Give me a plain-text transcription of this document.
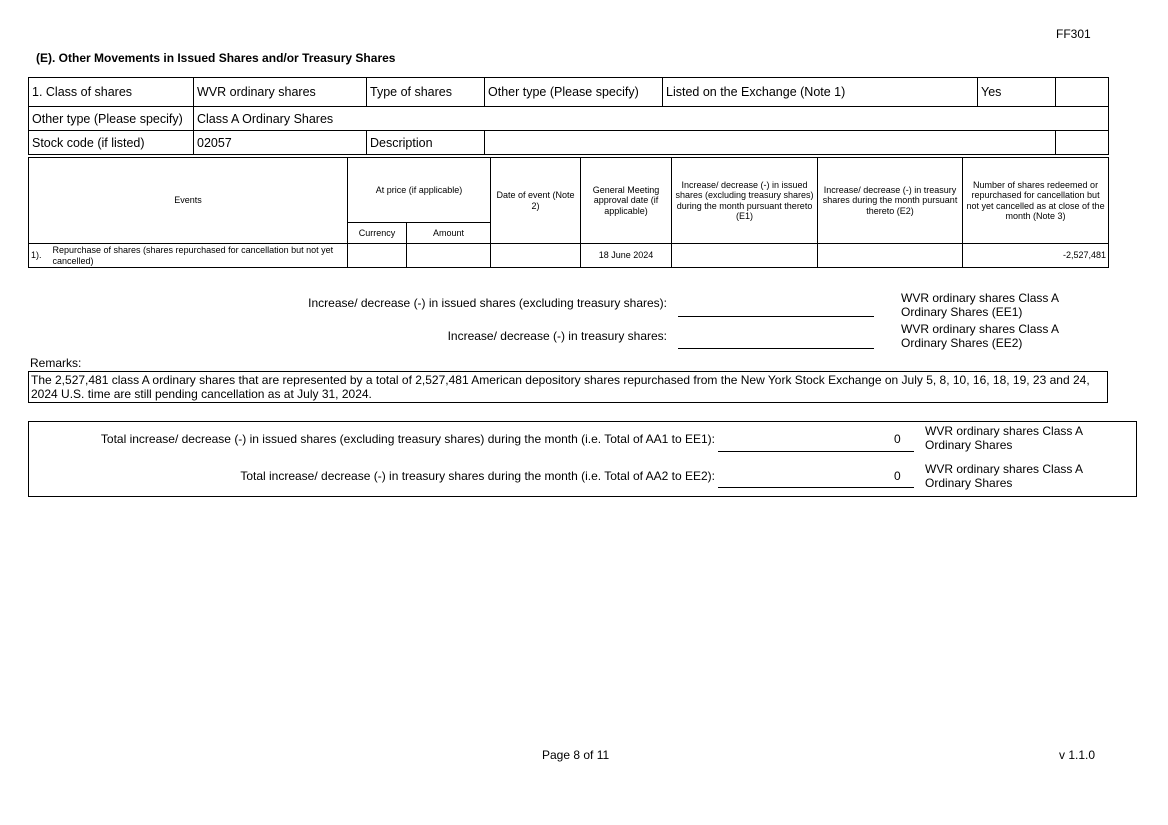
FF301
(E). Other Movements in Issued Shares and/or Treasury Shares
1. Class of shares	WVR ordinary shares	Type of shares	Other type (Please specify)	Listed on the Exchange (Note 1)	Yes	
Other type (Please specify)	Class A Ordinary Shares					
Stock code (if listed)	02057	Description				
Events		At price (if applicable)		Date of event (Note 2)	General Meeting approval date (if applicable)	Increase/ decrease (-) in issued shares (excluding treasury shares) during the month pursuant thereto (E1)	Increase/ decrease (-) in treasury shares during the month pursuant thereto (E2)	Number of shares redeemed or repurchased for cancellation but not yet cancelled as at close of the month (Note 3)
		Currency	Amount					
1).	Repurchase of shares (shares repurchased for cancellation but not yet cancelled)				18 June 2024			-2,527,481
Increase/ decrease (-) in issued shares (excluding treasury shares):	WVR ordinary shares Class A Ordinary Shares (EE1)
Increase/ decrease (-) in treasury shares:	WVR ordinary shares Class A Ordinary Shares (EE2)
Remarks:
The 2,527,481 class A ordinary shares that are represented by a total of 2,527,481 American depository shares repurchased from the New York Stock Exchange on July 5, 8, 10, 16, 18, 19, 23 and 24, 2024 U.S. time are still pending cancellation as at July 31, 2024.
Total increase/ decrease (-) in issued shares (excluding treasury shares) during the month (i.e. Total of AA1 to EE1):	0
WVR ordinary shares Class A Ordinary Shares
Total increase/ decrease (-) in treasury shares during the month (i.e. Total of AA2 to EE2):	0 WVR ordinary shares Class A Ordinary Shares
Page 8 of 11	v 1.1.0
